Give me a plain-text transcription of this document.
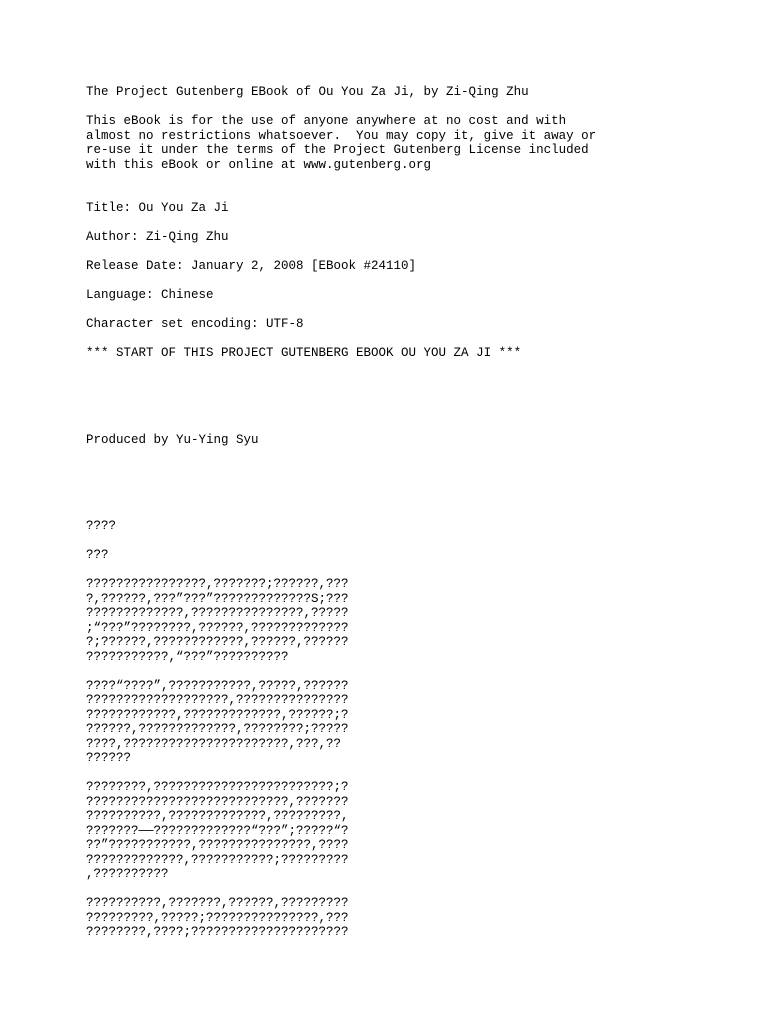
The Project Gutenberg EBook of Ou You Za Ji, by Zi-Qing Zhu
This eBook is for the use of anyone anywhere at no cost and with
almost no restrictions whatsoever.  You may copy it, give it away or
re-use it under the terms of the Project Gutenberg License included
with this eBook or online at www.gutenberg.org
Title: Ou You Za Ji
Author: Zi-Qing Zhu
Release Date: January 2, 2008 [EBook #24110]
Language: Chinese
Character set encoding: UTF-8
*** START OF THIS PROJECT GUTENBERG EBOOK OU YOU ZA JI ***
Produced by Yu-Ying Syu
????
???
????????????????,???????;??????,???
?,??????,???”???”?????????????S;???
?????????????,???????????????,?????
;“???”????????,??????,?????????????
?;??????,????????????,??????,??????
???????????,“???”??????????
????“????”,???????????,?????,??????
???????????????????,???????????????
????????????,?????????????,??????;?
??????,?????????????,????????;?????
????,??????????????????????,???,??
??????
????????,????????????????????????;?
???????????????????????????,???????
??????????,?????????????,?????????,
???????——?????????????“???”;?????“?
??”???????????,???????????????,????
?????????????,???????????;?????????
,??????????
??????????,???????,??????,?????????
?????????,?????;???????????????,???
????????,????;?????????????????????
